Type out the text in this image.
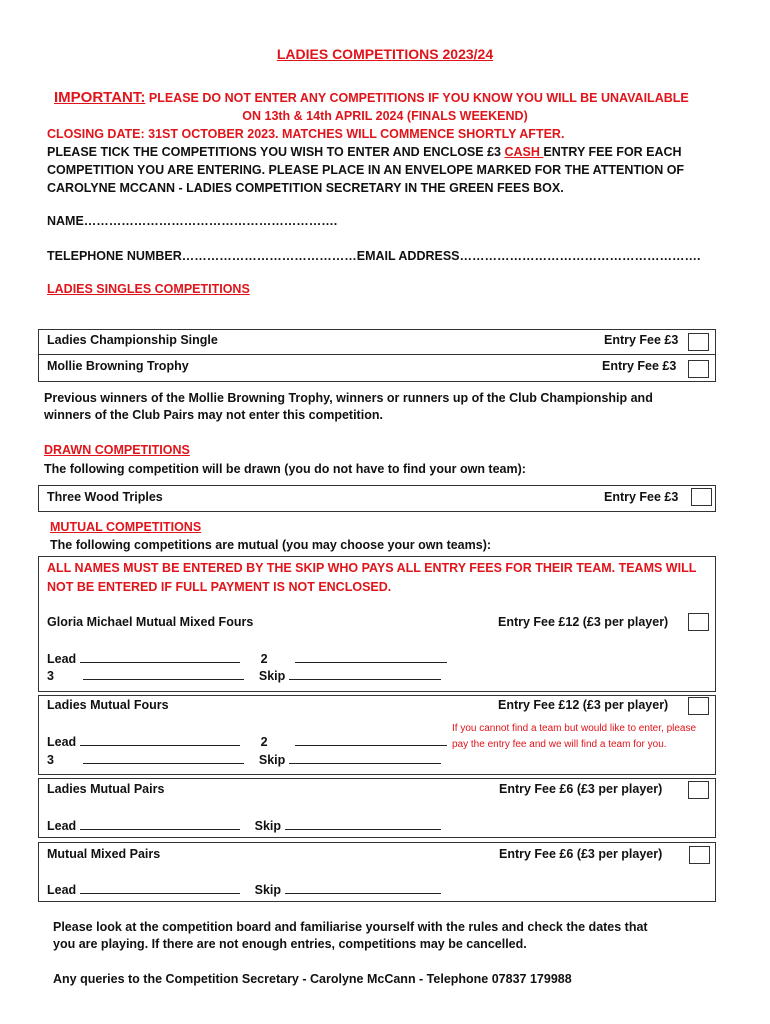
LADIES COMPETITIONS 2023/24
IMPORTANT: PLEASE DO NOT ENTER ANY COMPETITIONS IF YOU KNOW YOU WILL BE UNAVAILABLE
ON 13th & 14th APRIL 2024 (FINALS WEEKEND)
CLOSING DATE: 31ST OCTOBER 2023. MATCHES WILL COMMENCE SHORTLY AFTER.
PLEASE TICK THE COMPETITIONS YOU WISH TO ENTER AND ENCLOSE £3 CASH ENTRY FEE FOR EACH
COMPETITION YOU ARE ENTERING. PLEASE PLACE IN AN ENVELOPE MARKED FOR THE ATTENTION OF
CAROLYNE MCCANN - LADIES COMPETITION SECRETARY IN THE GREEN FEES BOX.
NAME…………………………………………………….
TELEPHONE NUMBER……………………………………EMAIL ADDRESS………………………………………………….
LADIES SINGLES COMPETITIONS
Ladies Championship Single	Entry Fee £3
Mollie Browning Trophy	Entry Fee £3
Previous winners of the Mollie Browning Trophy, winners or runners up of the Club Championship and
winners of the Club Pairs may not enter this competition.
DRAWN COMPETITIONS
The following competition will be drawn (you do not have to find your own team):
Three Wood Triples	Entry Fee £3
MUTUAL COMPETITIONS
The following competitions are mutual (you may choose your own teams):
ALL NAMES MUST BE ENTERED BY THE SKIP WHO PAYS ALL ENTRY FEES FOR THEIR TEAM. TEAMS WILL
NOT BE ENTERED IF FULL PAYMENT IS NOT ENCLOSED.
Gloria Michael Mutual Mixed Fours	Entry Fee £12 (£3 per player)
Lead	2
3	Skip
Ladies Mutual Fours	Entry Fee £12 (£3 per player)
If you cannot find a team but would like to enter, please
pay the entry fee and we will find a team for you.
Lead	2
3	Skip
Ladies Mutual Pairs	Entry Fee £6 (£3 per player)
Lead	Skip
Mutual Mixed Pairs	Entry Fee £6 (£3 per player)
Lead	Skip
Please look at the competition board and familiarise yourself with the rules and check the dates that
you are playing. If there are not enough entries, competitions may be cancelled.
Any queries to the Competition Secretary - Carolyne McCann - Telephone 07837 179988
